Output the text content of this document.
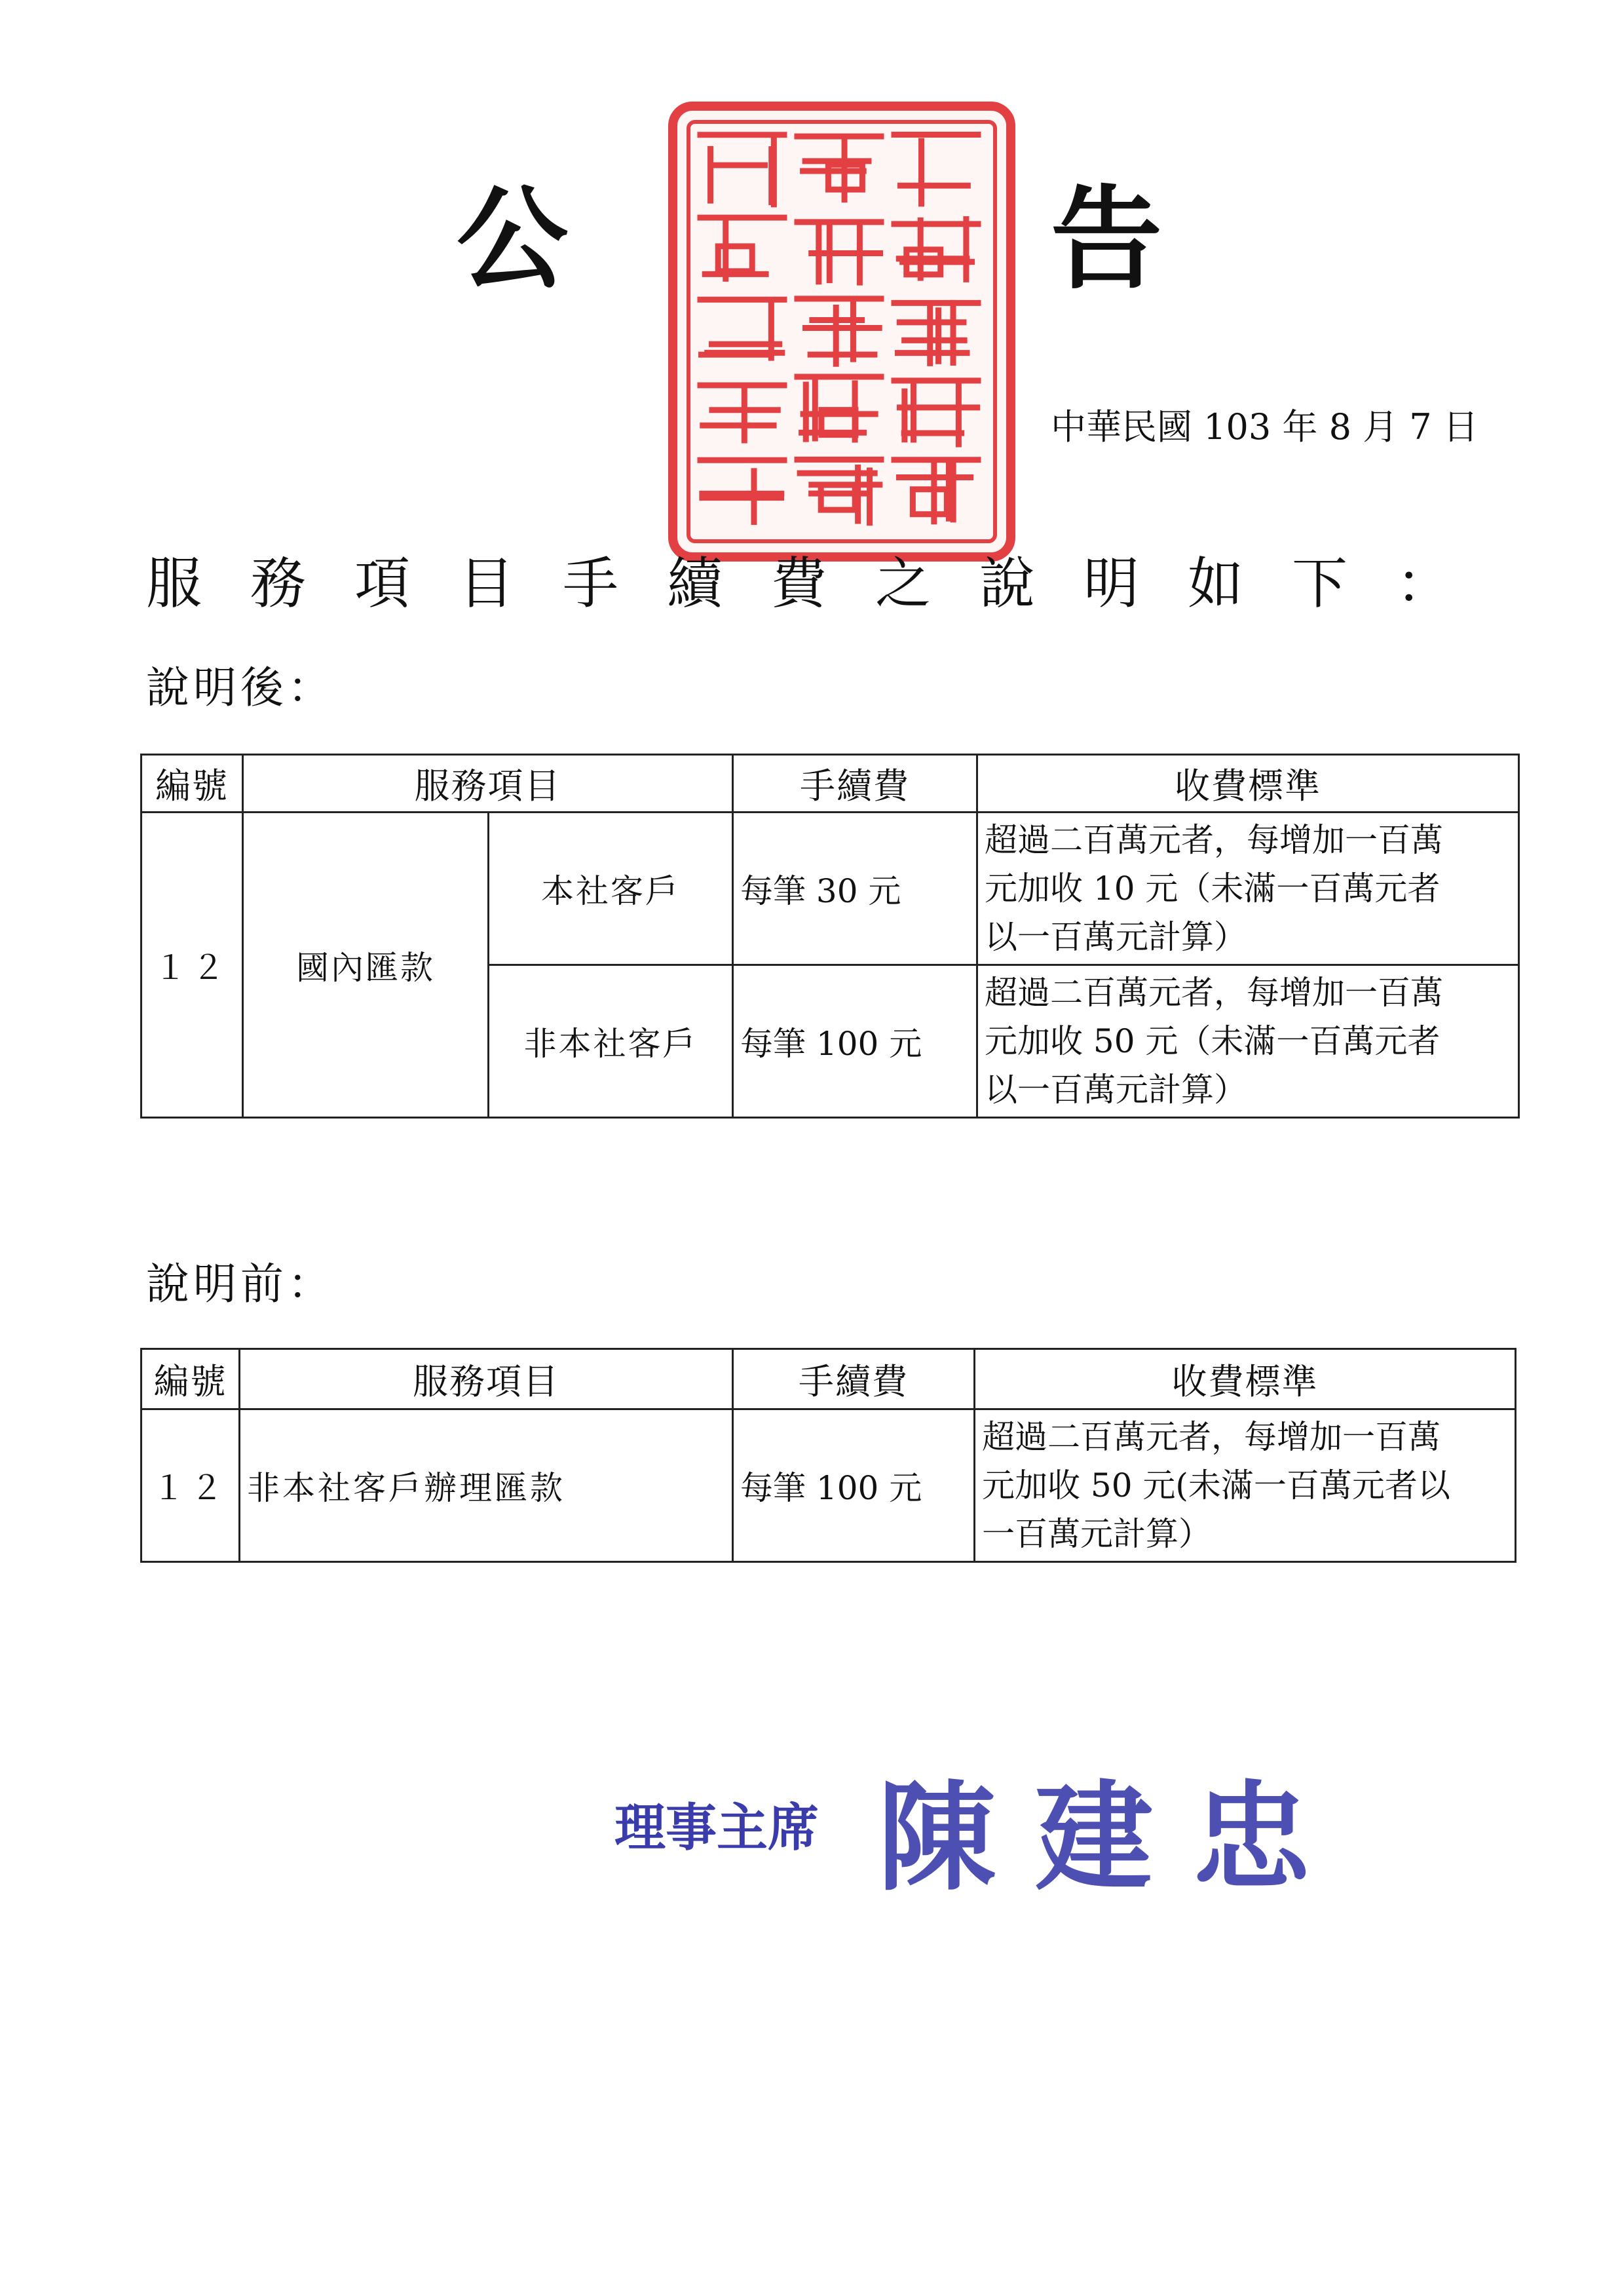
公	告
中華民國 103 年 8 月 7 日
服務項目手續費之說明如下：
說明後：
編號	服務項目		手續費	收費標準
１２	國內匯款	本社客戶	每筆 30 元	超過二百萬元者，每增加一百萬
元加收 10 元（未滿一百萬元者
以一百萬元計算）

		非本社客戶	每筆 100 元	超過二百萬元者，每增加一百萬
元加收 50 元（未滿一百萬元者
以一百萬元計算）
說明前：
編號	服務項目	手續費	收費標準
１２	非本社客戶辦理匯款	每筆 100 元	超過二百萬元者，每增加一百萬
元加收 50 元(未滿一百萬元者以
一百萬元計算）
理事主席 陳建忠
